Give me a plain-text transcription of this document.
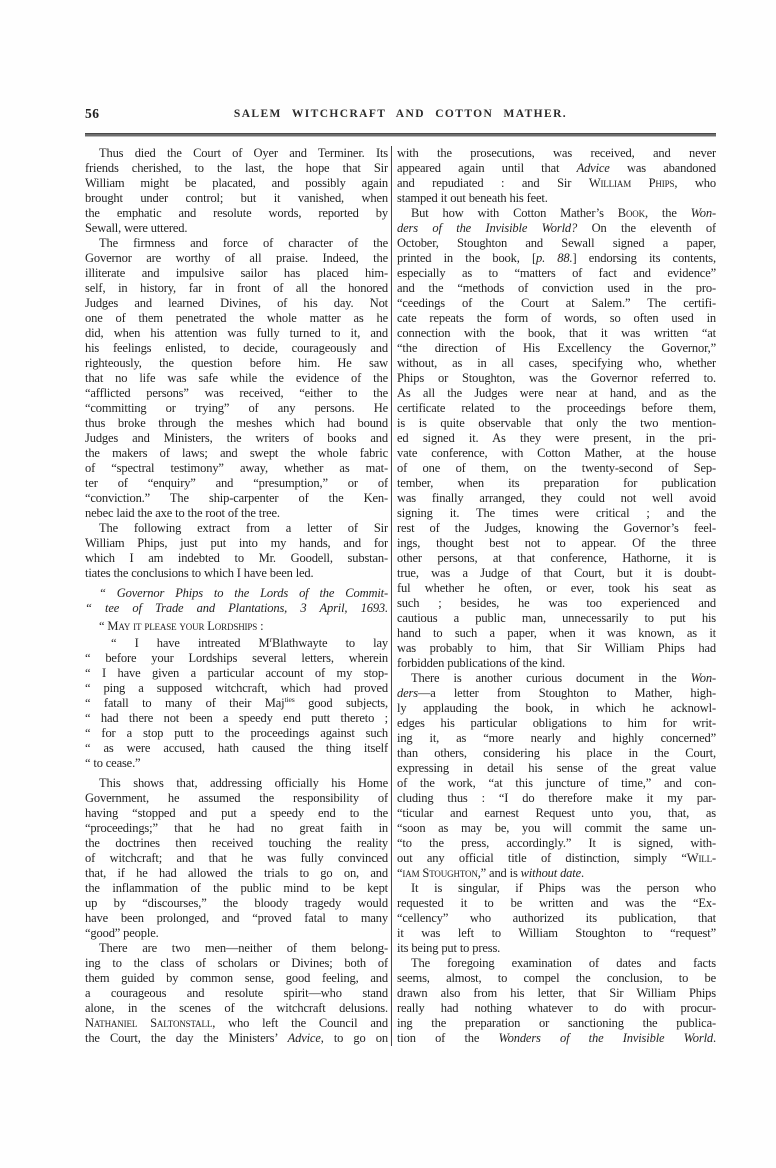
56	SALEM WITCHCRAFT AND COTTON MATHER.
Thus died the Court of Oyer and Terminer. Its
friends cherished, to the last, the hope that Sir
William might be placated, and possibly again
brought under control; but it vanished, when
the emphatic and resolute words, reported by
Sewall, were uttered.
The firmness and force of character of the
Governor are worthy of all praise. Indeed, the
illiterate and impulsive sailor has placed him-
self, in history, far in front of all the honored
Judges and learned Divines, of his day. Not
one of them penetrated the whole matter as he
did, when his attention was fully turned to it, and
his feelings enlisted, to decide, courageously and
righteously, the question before him. He saw
that no life was safe while the evidence of the
“afflicted persons” was received, “either to the
“committing or trying” of any persons. He
thus broke through the meshes which had bound
Judges and Ministers, the writers of books and
the makers of laws; and swept the whole fabric
of “spectral testimony” away, whether as mat-
ter of “enquiry” and “presumption,” or of
“conviction.” The ship-carpenter of the Ken-
nebec laid the axe to the root of the tree.
The following extract from a letter of Sir
William Phips, just put into my hands, and for
which I am indebted to Mr. Goodell, substan-
tiates the conclusions to which I have been led.
“ Governor Phips to the Lords of the Commit-
“ tee of Trade and Plantations, 3 April, 1693.
“ May it please your Lordships :
“ I have intreated $M^rBlathwayte$ to lay
“ before your Lordships several letters, wherein
“ I have given a particular account of my stop-
“ ping a supposed witchcraft, which had proved
“ fatall to many of their Maj$^{ties}$ good subjects,
“ had there not been a speedy end putt thereto ;
“ for a stop putt to the proceedings against such
“ as were accused, hath caused the thing itself
“ to cease.”
This shows that, addressing officially his Home
Government, he assumed the responsibility of
having “stopped and put a speedy end to the
“proceedings;” that he had no great faith in
the doctrines then received touching the reality
of witchcraft; and that he was fully convinced
that, if he had allowed the trials to go on, and
the inflammation of the public mind to be kept
up by “discourses,” the bloody tragedy would
have been prolonged, and “proved fatal to many
“good” people.
There are two men—neither of them belong-
ing to the class of scholars or Divines; both of
them guided by common sense, good feeling, and
a courageous and resolute spirit—who stand
alone, in the scenes of the witchcraft delusions.
Nathaniel Saltonstall, who left the Council and
the Court, the day the Ministers’ Advice, to go on
with the prosecutions, was received, and never
appeared again until that Advice was abandoned
and repudiated : and Sir William Phips, who
stamped it out beneath his feet.
But how with Cotton Mather’s Book, the Won-
ders of the Invisible World? On the eleventh of
October, Stoughton and Sewall signed a paper,
printed in the book, [p. 88.] endorsing its contents,
especially as to “matters of fact and evidence”
and the “methods of conviction used in the pro-
“ceedings of the Court at Salem.” The certifi-
cate repeats the form of words, so often used in
connection with the book, that it was written “at
“the direction of His Excellency the Governor,”
without, as in all cases, specifying who, whether
Phips or Stoughton, was the Governor referred to.
As all the Judges were near at hand, and as the
certificate related to the proceedings before them,
is is quite observable that only the two mention-
ed signed it. As they were present, in the pri-
vate conference, with Cotton Mather, at the house
of one of them, on the twenty-second of Sep-
tember, when its preparation for publication
was finally arranged, they could not well avoid
signing it. The times were critical ; and the
rest of the Judges, knowing the Governor’s feel-
ings, thought best not to appear. Of the three
other persons, at that conference, Hathorne, it is
true, was a Judge of that Court, but it is doubt-
ful whether he often, or ever, took his seat as
such ; besides, he was too experienced and
cautious a public man, unnecessarily to put his
hand to such a paper, when it was known, as it
was probably to him, that Sir William Phips had
forbidden publications of the kind.
There is another curious document in the Won-
ders—a letter from Stoughton to Mather, high-
ly applauding the book, in which he acknowl-
edges his particular obligations to him for writ-
ing it, as “more nearly and highly concerned”
than others, considering his place in the Court,
expressing in detail his sense of the great value
of the work, “at this juncture of time,” and con-
cluding thus : “I do therefore make it my par-
“ticular and earnest Request unto you, that, as
“soon as may be, you will commit the same un-
“to the press, accordingly.” It is signed, with-
out any official title of distinction, simply “Will-
“iam Stoughton,” and is without date.
It is singular, if Phips was the person who
requested it to be written and was the “Ex-
“cellency” who authorized its publication, that
it was left to William Stoughton to “request”
its being put to press.
The foregoing examination of dates and facts
seems, almost, to compel the conclusion, to be
drawn also from his letter, that Sir William Phips
really had nothing whatever to do with procur-
ing the preparation or sanctioning the publica-
tion of the Wonders of the Invisible World.
